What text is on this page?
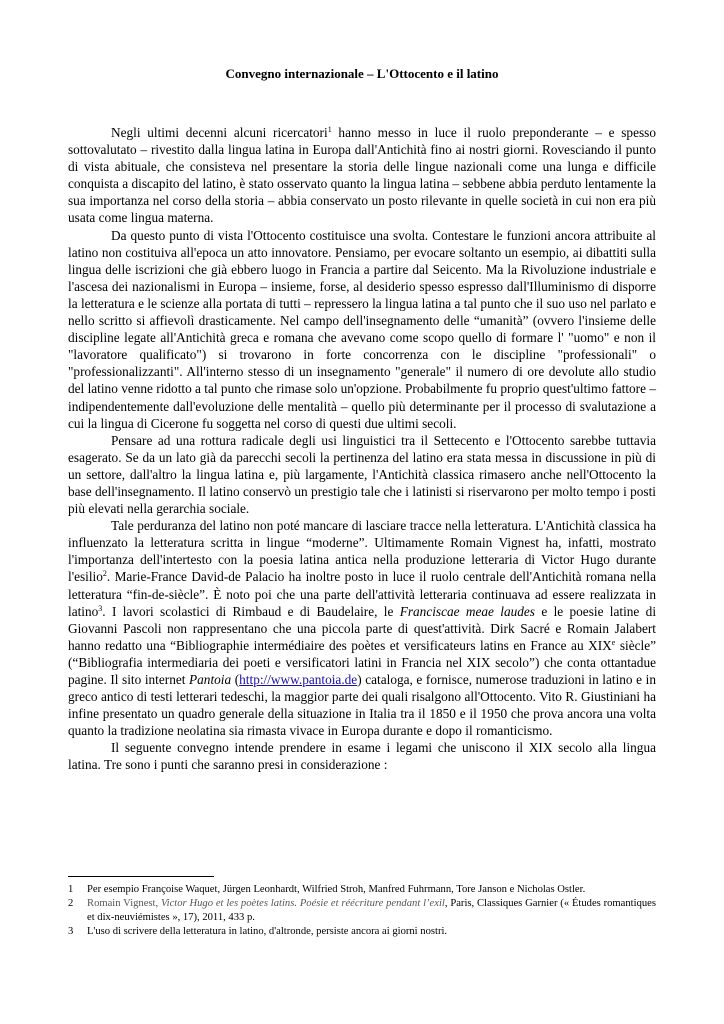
Convegno internazionale – L'Ottocento e il latino

Negli ultimi decenni alcuni ricercatori$^1$ hanno messo in luce il ruolo preponderante – e spesso sottovalutato – rivestito dalla lingua latina in Europa dall'Antichità fino ai nostri giorni. Rovesciando il punto di vista abituale, che consisteva nel presentare la storia delle lingue nazionali come una lunga e difficile conquista a discapito del latino, è stato osservato quanto la lingua latina – sebbene abbia perduto lentamente la sua importanza nel corso della storia – abbia conservato un posto rilevante in quelle società in cui non era più usata come lingua materna.

Da questo punto di vista l'Ottocento costituisce una svolta. Contestare le funzioni ancora attribuite al latino non costituiva all'epoca un atto innovatore. Pensiamo, per evocare soltanto un esempio, ai dibattiti sulla lingua delle iscrizioni che già ebbero luogo in Francia a partire dal Seicento. Ma la Rivoluzione industriale e l'ascesa dei nazionalismi in Europa – insieme, forse, al desiderio spesso espresso dall'Illuminismo di disporre la letteratura e le scienze alla portata di tutti – repressero la lingua latina a tal punto che il suo uso nel parlato e nello scritto si affievolì drasticamente. Nel campo dell'insegnamento delle “umanità” (ovvero l'insieme delle discipline legate all'Antichità greca e romana che avevano come scopo quello di formare l' "uomo" e non il "lavoratore qualificato") si trovarono in forte concorrenza con le discipline "professionali" o "professionalizzanti". All'interno stesso di un insegnamento "generale" il numero di ore devolute allo studio del latino venne ridotto a tal punto che rimase solo un'opzione. Probabilmente fu proprio quest'ultimo fattore – indipendentemente dall'evoluzione delle mentalità – quello più determinante per il processo di svalutazione a cui la lingua di Cicerone fu soggetta nel corso di questi due ultimi secoli.

Pensare ad una rottura radicale degli usi linguistici tra il Settecento e l'Ottocento sarebbe tuttavia esagerato. Se da un lato già da parecchi secoli la pertinenza del latino era stata messa in discussione in più di un settore, dall'altro la lingua latina e, più largamente, l'Antichità classica rimasero anche nell'Ottocento la base dell'insegnamento. Il latino conservò un prestigio tale che i latinisti si riservarono per molto tempo i posti più elevati nella gerarchia sociale.

Tale perduranza del latino non poté mancare di lasciare tracce nella letteratura. L'Antichità classica ha influenzato la letteratura scritta in lingue “moderne”. Ultimamente Romain Vignest ha, infatti, mostrato l'importanza dell'intertesto con la poesia latina antica nella produzione letteraria di Victor Hugo durante l'esilio$^2$. Marie-France David-de Palacio ha inoltre posto in luce il ruolo centrale dell'Antichità romana nella letteratura “fin-de-siècle”. È noto poi che una parte dell'attività letteraria continuava ad essere realizzata in latino$^3$. I lavori scolastici di Rimbaud e di Baudelaire, le Franciscae meae laudes e le poesie latine di Giovanni Pascoli non rappresentano che una piccola parte di quest'attività. Dirk Sacré e Romain Jalabert hanno redatto una “Bibliographie intermédiaire des poètes et versificateurs latins en France au XIXe siècle” (“Bibliografia intermediaria dei poeti e versificatori latini in Francia nel XIX secolo”) che conta ottantadue pagine. Il sito internet Pantoia (http://www.pantoia.de) cataloga, e fornisce, numerose traduzioni in latino e in greco antico di testi letterari tedeschi, la maggior parte dei quali risalgono all'Ottocento. Vito R. Giustiniani ha infine presentato un quadro generale della situazione in Italia tra il 1850 e il 1950 che prova ancora una volta quanto la tradizione neolatina sia rimasta vivace in Europa durante e dopo il romanticismo.

Il seguente convegno intende prendere in esame i legami che uniscono il XIX secolo alla lingua latina. Tre sono i punti che saranno presi in considerazione :

1	Per esempio Françoise Waquet, Jürgen Leonhardt, Wilfried Stroh, Manfred Fuhrmann, Tore Janson e Nicholas Ostler.
2	Romain Vignest, Victor Hugo et les poètes latins. Poésie et réécriture pendant l’exil, Paris, Classiques Garnier (« Études romantiques et dix-neuviémistes », 17), 2011, 433 p.
3	L'uso di scrivere della letteratura in latino, d'altronde, persiste ancora ai giorni nostri.
